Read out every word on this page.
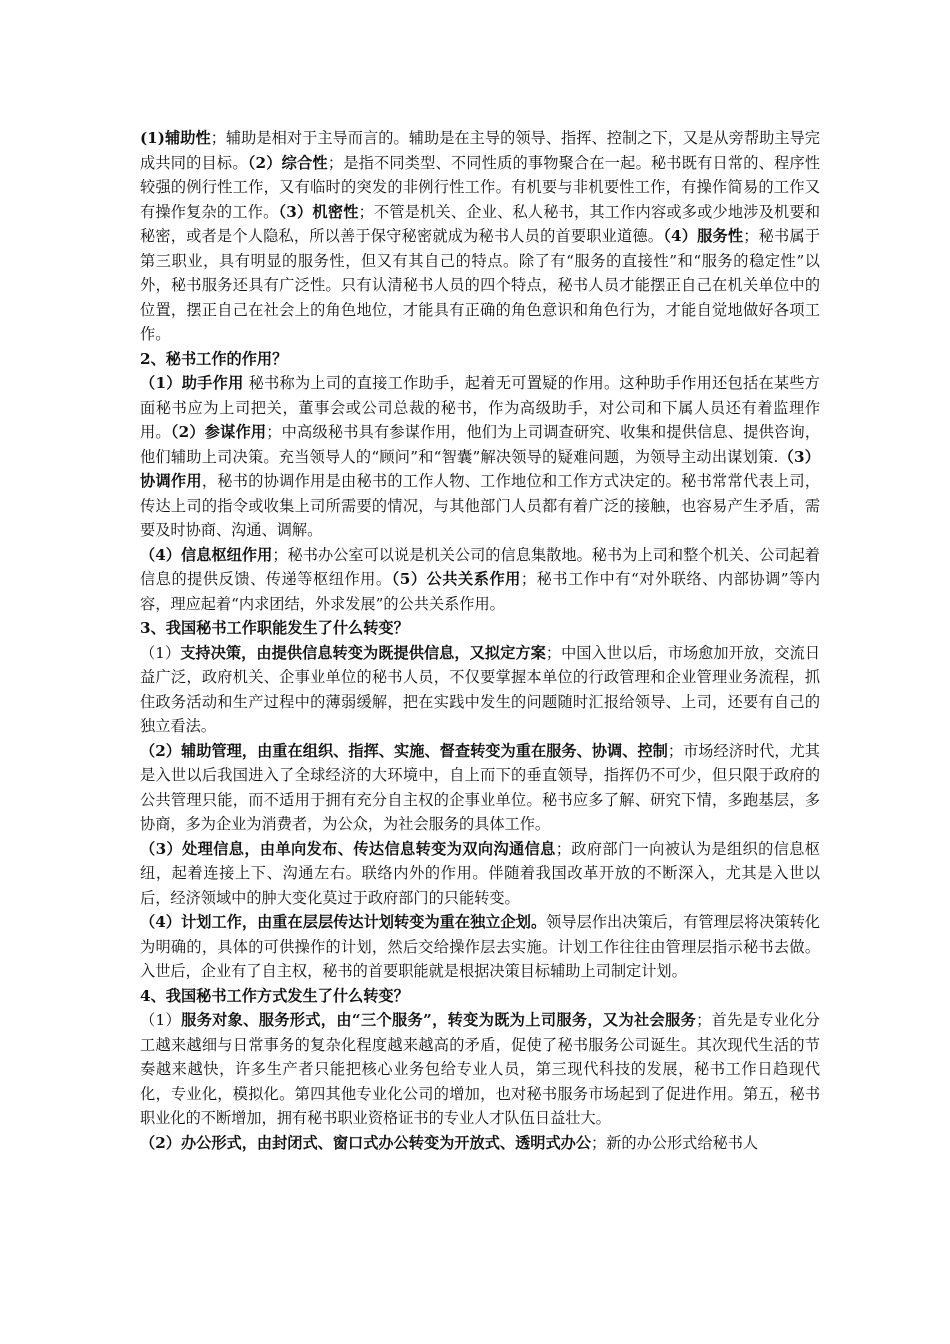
(1)辅助性；辅助是相对于主导而言的。辅助是在主导的领导、指挥、控制之下，又是从旁帮助主导完成共同的目标。（2）综合性；是指不同类型、不同性质的事物聚合在一起。秘书既有日常的、程序性较强的例行性工作，又有临时的突发的非例行性工作。有机要与非机要性工作，有操作简易的工作又有操作复杂的工作。（3）机密性；不管是机关、企业、私人秘书，其工作内容或多或少地涉及机要和秘密，或者是个人隐私，所以善于保守秘密就成为秘书人员的首要职业道德。（4）服务性；秘书属于第三职业，具有明显的服务性，但又有其自己的特点。除了有“服务的直接性”和“服务的稳定性”以外，秘书服务还具有广泛性。只有认清秘书人员的四个特点，秘书人员才能摆正自己在机关单位中的位置，摆正自己在社会上的角色地位，才能具有正确的角色意识和角色行为，才能自觉地做好各项工作。
2、秘书工作的作用？
（1）助手作用 秘书称为上司的直接工作助手，起着无可置疑的作用。这种助手作用还包括在某些方面秘书应为上司把关，董事会或公司总裁的秘书，作为高级助手，对公司和下属人员还有着监理作用。（2）参谋作用；中高级秘书具有参谋作用，他们为上司调查研究、收集和提供信息、提供咨询，他们辅助上司决策。充当领导人的“顾问”和“智囊”解决领导的疑难问题，为领导主动出谋划策.（3）协调作用，秘书的协调作用是由秘书的工作人物、工作地位和工作方式决定的。秘书常常代表上司，传达上司的指令或收集上司所需要的情况，与其他部门人员都有着广泛的接触，也容易产生矛盾，需要及时协商、沟通、调解。
（4）信息枢纽作用；秘书办公室可以说是机关公司的信息集散地。秘书为上司和整个机关、公司起着信息的提供反馈、传递等枢纽作用。（5）公共关系作用；秘书工作中有“对外联络、内部协调”等内容，理应起着“内求团结，外求发展”的公共关系作用。
3、我国秘书工作职能发生了什么转变？
（1）支持决策，由提供信息转变为既提供信息，又拟定方案；中国入世以后，市场愈加开放，交流日益广泛，政府机关、企事业单位的秘书人员，不仅要掌握本单位的行政管理和企业管理业务流程，抓住政务活动和生产过程中的薄弱缓解，把在实践中发生的问题随时汇报给领导、上司，还要有自己的独立看法。
（2）辅助管理，由重在组织、指挥、实施、督查转变为重在服务、协调、控制；市场经济时代，尤其是入世以后我国进入了全球经济的大环境中，自上而下的垂直领导，指挥仍不可少，但只限于政府的公共管理只能，而不适用于拥有充分自主权的企事业单位。秘书应多了解、研究下情，多跑基层，多协商，多为企业为消费者，为公众，为社会服务的具体工作。
（3）处理信息，由单向发布、传达信息转变为双向沟通信息；政府部门一向被认为是组织的信息枢纽，起着连接上下、沟通左右。联络内外的作用。伴随着我国改革开放的不断深入，尤其是入世以后，经济领域中的肿大变化莫过于政府部门的只能转变。
（4）计划工作，由重在层层传达计划转变为重在独立企划。领导层作出决策后，有管理层将决策转化为明确的，具体的可供操作的计划，然后交给操作层去实施。计划工作往往由管理层指示秘书去做。入世后，企业有了自主权，秘书的首要职能就是根据决策目标辅助上司制定计划。
4、我国秘书工作方式发生了什么转变？
（1）服务对象、服务形式，由“三个服务”，转变为既为上司服务，又为社会服务；首先是专业化分工越来越细与日常事务的复杂化程度越来越高的矛盾，促使了秘书服务公司诞生。其次现代生活的节奏越来越快，许多生产者只能把核心业务包给专业人员，第三现代科技的发展，秘书工作日趋现代化，专业化，模拟化。第四其他专业化公司的增加，也对秘书服务市场起到了促进作用。第五，秘书职业化的不断增加，拥有秘书职业资格证书的专业人才队伍日益壮大。
（2）办公形式，由封闭式、窗口式办公转变为开放式、透明式办公；新的办公形式给秘书人
